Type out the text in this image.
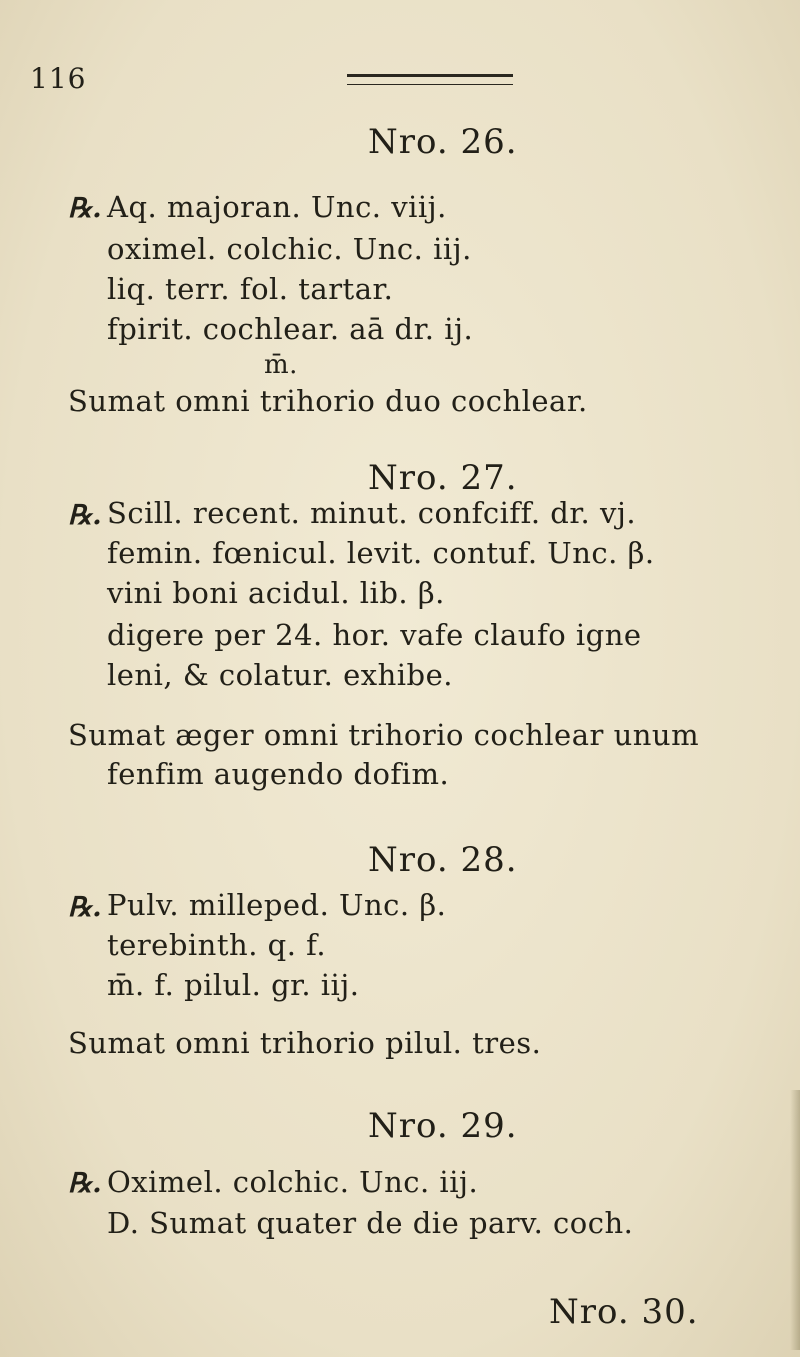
116
Nro. 26.
℞. Aq. majoran. Unc. viij.
oximel. colchic. Unc. iij.
liq. terr. fol. tartar.
fpirit. cochlear. aā dr. ij.
m̄.
Sumat omni trihorio duo cochlear.
Nro. 27.
℞. Scill. recent. minut. confciff. dr. vj.
femin. fœnicul. levit. contuf. Unc. β.
vini boni acidul. lib. β.
digere per 24. hor. vafe claufo igne
leni, & colatur. exhibe.
Sumat æger omni trihorio cochlear unum
fenfim augendo dofim.
Nro. 28.
℞. Pulv. milleped. Unc. β.
terebinth. q. f.
m̄. f. pilul. gr. iij.
Sumat omni trihorio pilul. tres.
Nro. 29.
℞. Oximel. colchic. Unc. iij.
D. Sumat quater de die parv. coch.
Nro. 30.
